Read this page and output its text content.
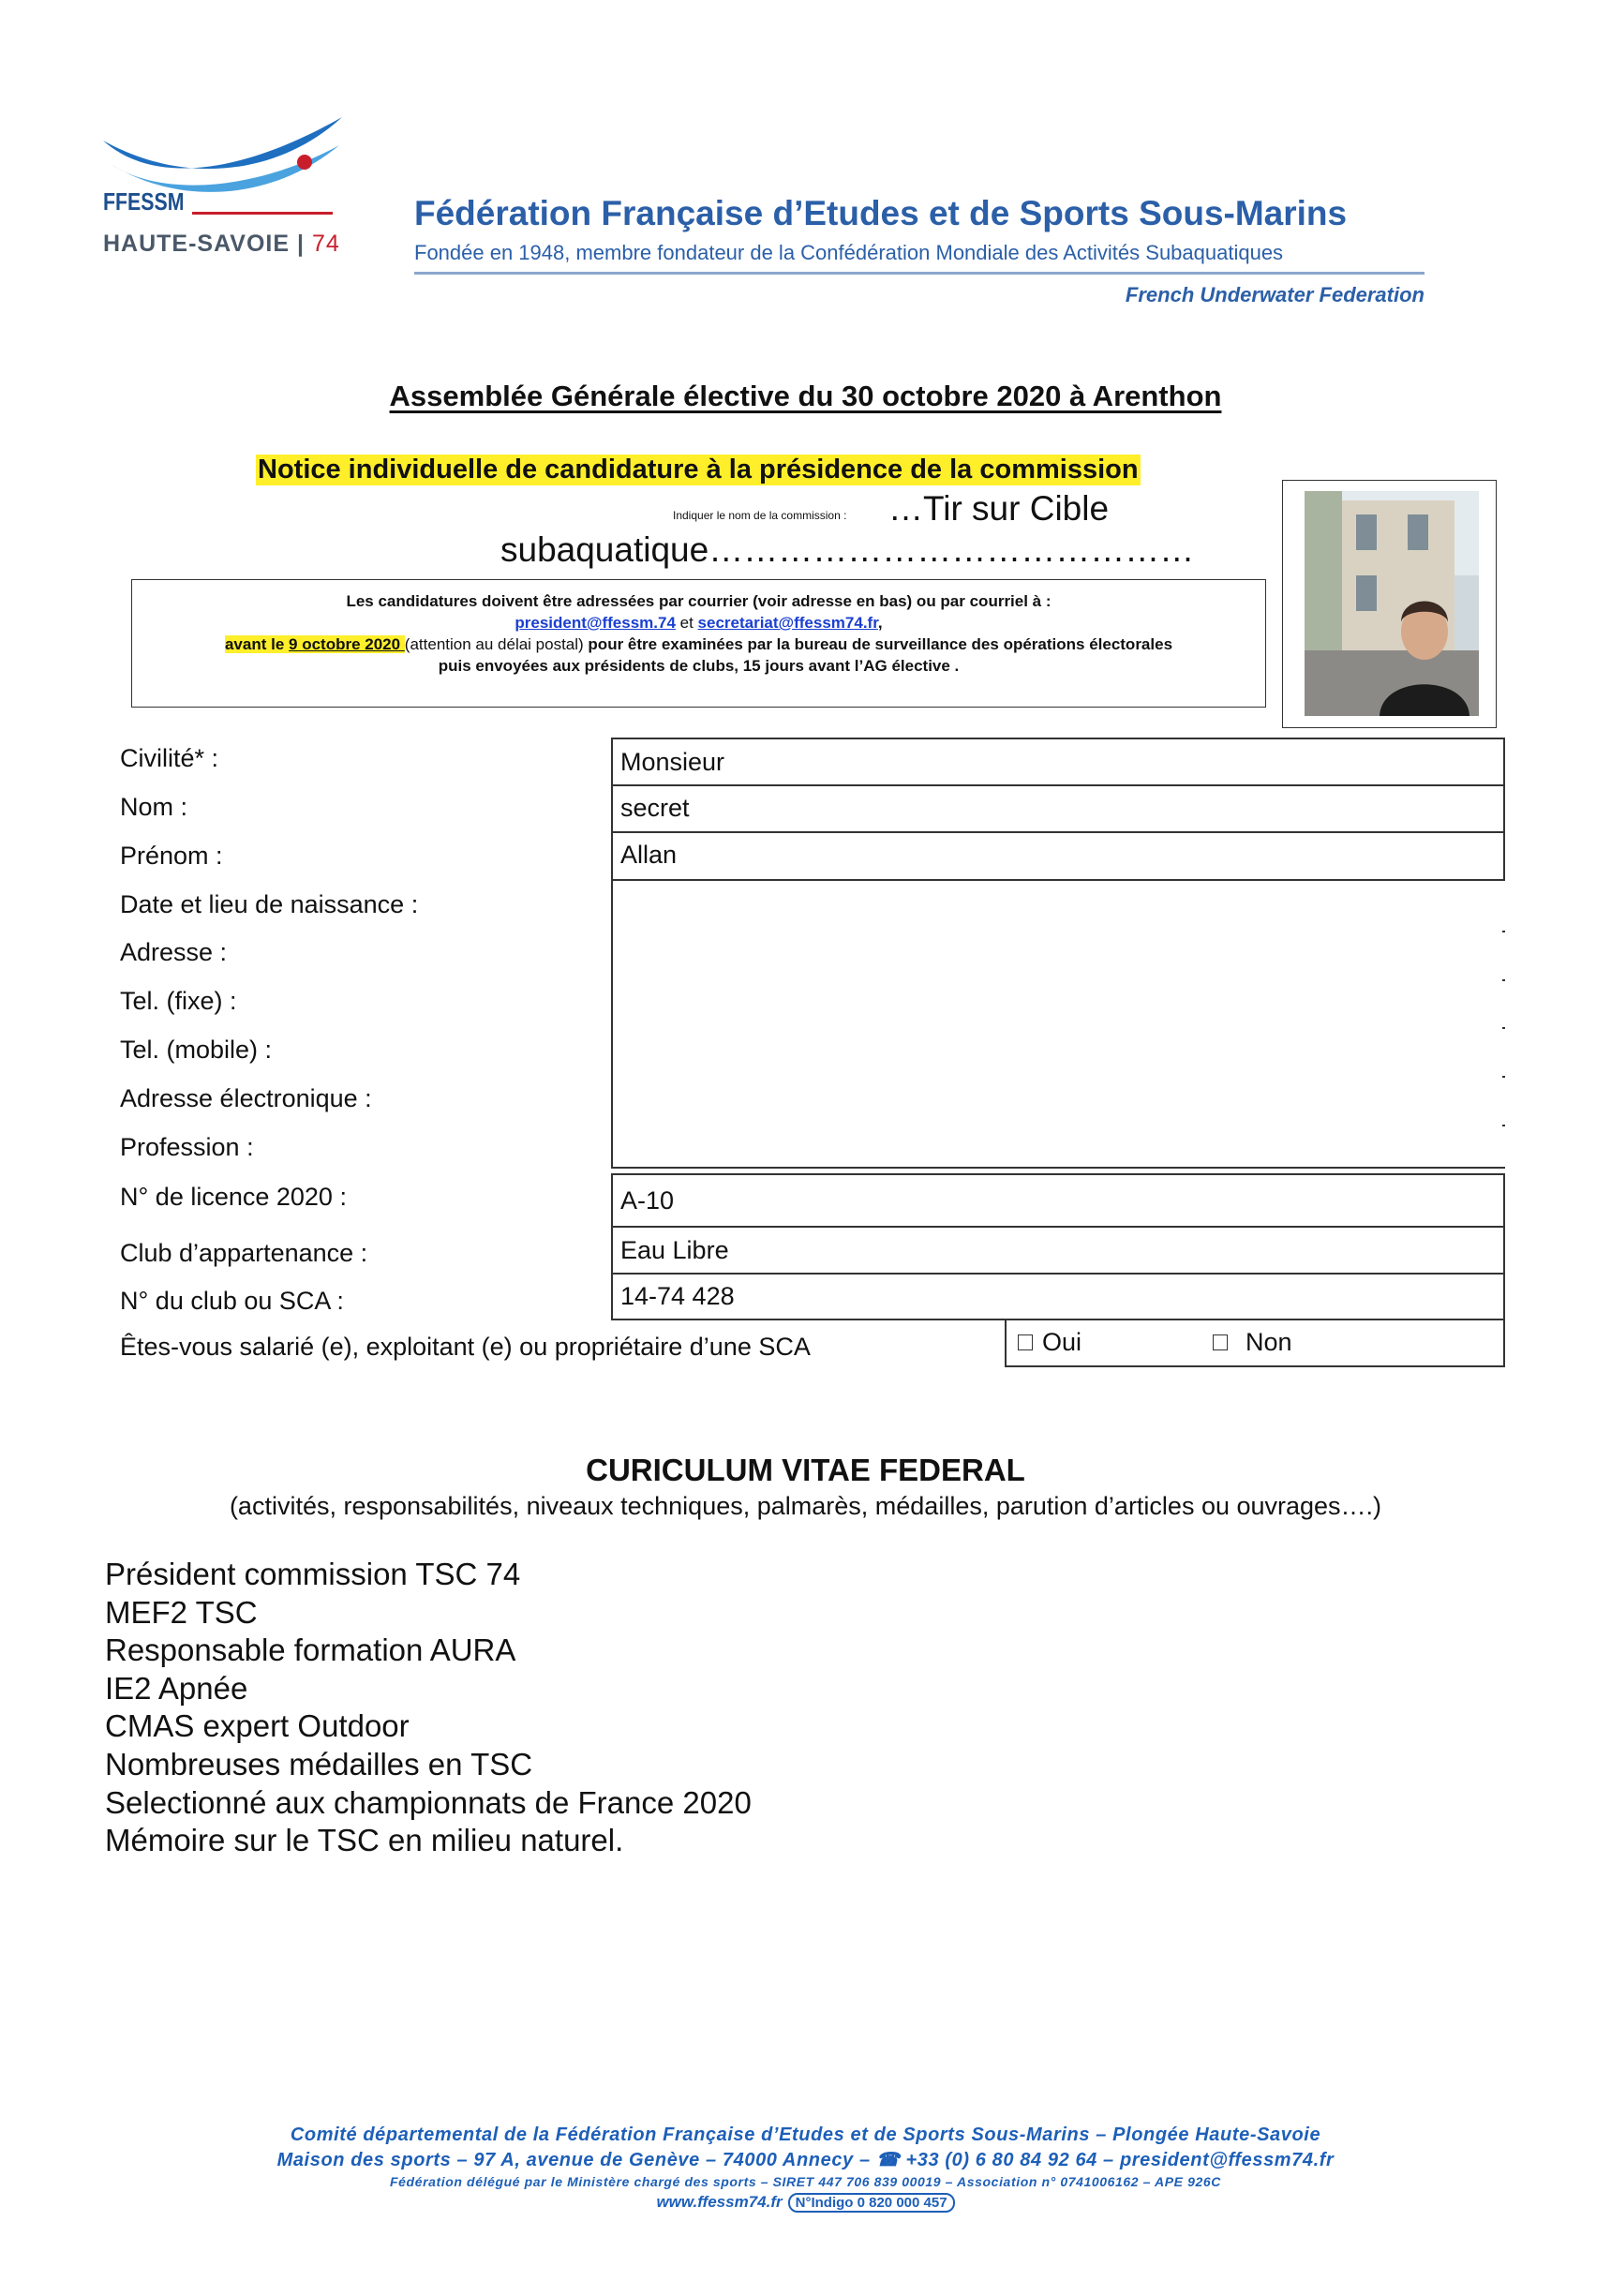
FFESSM
HAUTE-SAVOIE | 74
Fédération Française d’Etudes et de Sports Sous-Marins
Fondée en 1948, membre fondateur de la Confédération Mondiale des Activités Subaquatiques
French Underwater Federation
Assemblée Générale élective du 30 octobre 2020 à Arenthon
Notice individuelle de candidature à la présidence de la commission
Indiquer le nom de la commission : …Tir sur Cible
subaquatique……………………………………
Les candidatures doivent être adressées par courrier (voir adresse en bas) ou par courriel à :
president@ffessm.74 et secretariat@ffessm74.fr,
avant le 9 octobre 2020 (attention au délai postal) pour être examinées par la bureau de surveillance des opérations électorales
puis envoyées aux présidents de clubs, 15 jours avant l’AG élective .
Civilité* :	Monsieur
Nom :	secret
Prénom :	Allan
Date et lieu de naissance :
Adresse :
Tel. (fixe) :
Tel. (mobile) :
Adresse électronique :
Profession :
N° de licence 2020 :	A-10
Club d’appartenance :	Eau Libre
N° du club ou SCA :	14-74 428
Êtes-vous salarié (e), exploitant (e) ou propriétaire d’une SCA	Oui	Non
CURICULUM VITAE FEDERAL
(activités, responsabilités, niveaux techniques, palmarès, médailles, parution d’articles ou ouvrages….)
Président commission TSC 74
MEF2 TSC
Responsable formation AURA
IE2 Apnée
CMAS expert Outdoor
Nombreuses médailles en TSC
Selectionné aux championnats de France 2020
Mémoire sur le TSC en milieu naturel.
Comité départemental de la Fédération Française d’Etudes et de Sports Sous-Marins – Plongée Haute-Savoie
Maison des sports – 97 A, avenue de Genève – 74000 Annecy – ☎ +33 (0) 6 80 84 92 64 – president@ffessm74.fr
Fédération délégué par le Ministère chargé des sports – SIRET 447 706 839 00019 – Association n° 0741006162 – APE 926C
www.ffessm74.fr N°Indigo 0 820 000 457
